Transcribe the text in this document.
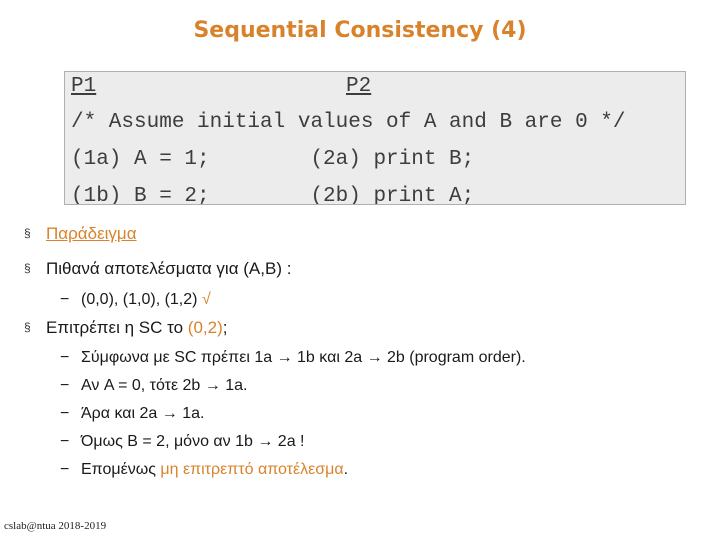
Sequential Consistency (4)
P1	P2
/* Assume initial values of A and B are 0 */
(1a) A = 1;        (2a) print B;
(1b) B = 2;        (2b) print A;
§ Παράδειγμα
§ Πιθανά αποτελέσματα για (A,B) :
− (0,0), (1,0), (1,2) √
§ Επιτρέπει η SC το (0,2);
− Σύμφωνα με SC πρέπει 1a → 1b και 2a → 2b (program order).
− Αν A = 0, τότε 2b → 1a.
− Άρα και 2a → 1a.
− Όμως B = 2, μόνο αν 1b → 2a !
− Επομένως μη επιτρεπτό αποτέλεσμα.
cslab@ntua 2018-2019
